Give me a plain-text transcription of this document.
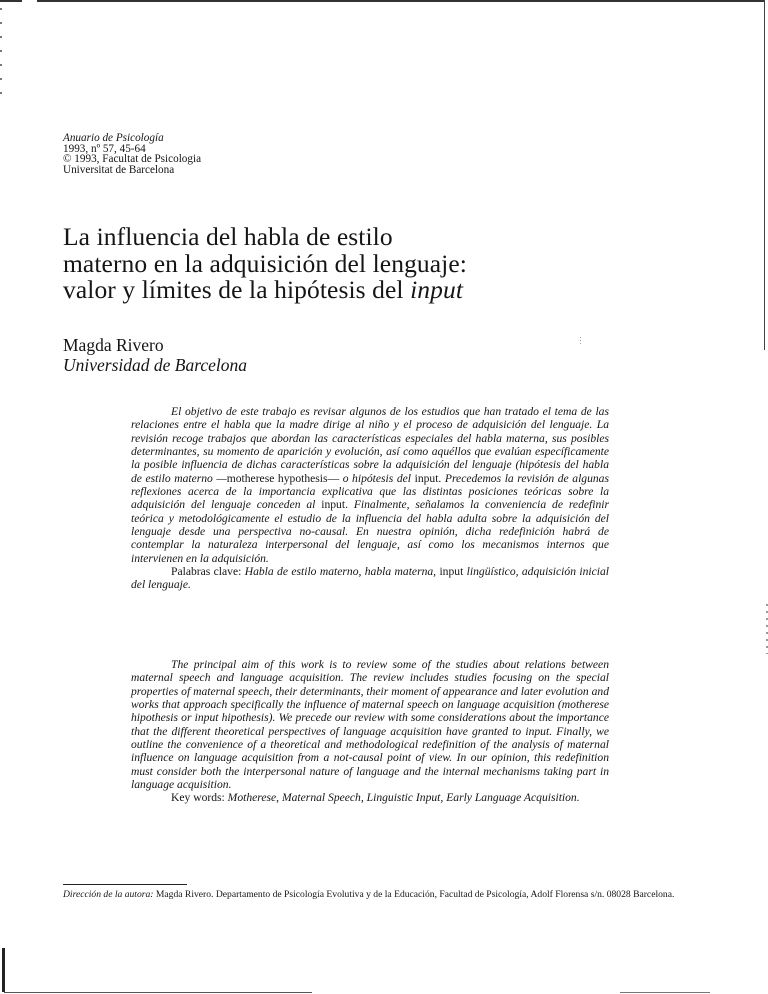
Anuario de Psicología
1993, nº 57, 45-64
© 1993, Facultat de Psicologia
Universitat de Barcelona
La influencia del habla de estilo
materno en la adquisición del lenguaje:
valor y límites de la hipótesis del input
Magda Rivero
Universidad de Barcelona

El objetivo de este trabajo es revisar algunos de los estudios que han tratado el tema de las relaciones entre el habla que la madre dirige al niño y el proceso de adquisición del lenguaje. La revisión recoge trabajos que abordan las características especiales del habla materna, sus posibles determinantes, su momento de aparición y evolución, así como aquéllos que evalúan específicamente la posible influencia de dichas características sobre la adquisición del lenguaje (hipótesis del habla de estilo materno —motherese hypothesis— o hipótesis del input. Precedemos la revisión de algunas reflexiones acerca de la importancia explicativa que las distintas posiciones teóricas sobre la adquisición del lenguaje conceden al input. Finalmente, señalamos la conveniencia de redefinir teórica y metodológicamente el estudio de la influencia del habla adulta sobre la adquisición del lenguaje desde una perspectiva no-causal. En nuestra opinión, dicha redefinición habrá de contemplar la naturaleza interpersonal del lenguaje, así como los mecanismos internos que intervienen en la adquisición.

Palabras clave: Habla de estilo materno, habla materna, input lingüístico, adquisición inicial del lenguaje.

The principal aim of this work is to review some of the studies about relations between maternal speech and language acquisition. The review includes studies focusing on the special properties of maternal speech, their determinants, their moment of appearance and later evolution and works that approach specifically the influence of maternal speech on language acquisition (motherese hipothesis or input hipothesis). We precede our review with some considerations about the importance that the different theoretical perspectives of language acquisition have granted to input. Finally, we outline the convenience of a theoretical and methodological redefinition of the analysis of maternal influence on language acquisition from a not-causal point of view. In our opinion, this redefinition must consider both the interpersonal nature of language and the internal mechanisms taking part in language acquisition.

Key words: Motherese, Maternal Speech, Linguistic Input, Early Language Acquisition.

Dirección de la autora: Magda Rivero. Departamento de Psicología Evolutiva y de la Educación, Facultad de Psicología, Adolf Florensa s/n. 08028 Barcelona.
